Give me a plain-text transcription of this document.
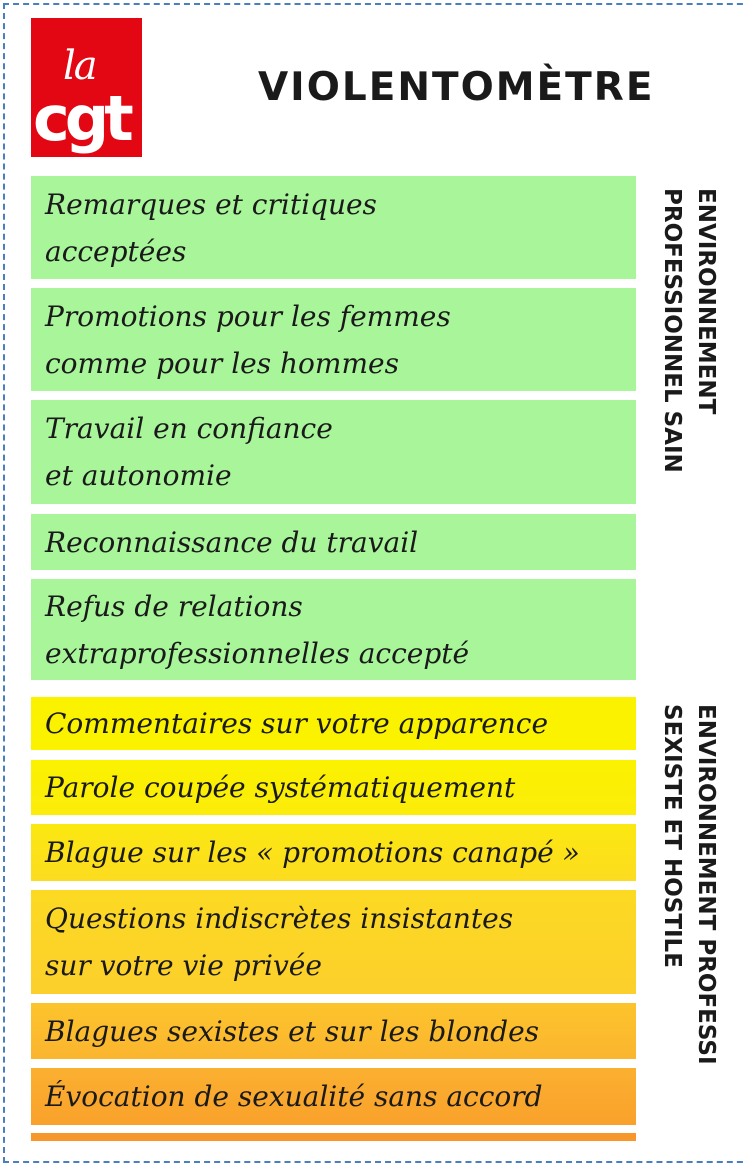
la
cgt	VIOLENTOMÈTRE
Remarques et critiques
acceptées
Promotions pour les femmes
comme pour les hommes
Travail en confiance
et autonomie
Reconnaissance du travail
Refus de relations
extraprofessionnelles accepté
Commentaires sur votre apparence
Parole coupée systématiquement
Blague sur les « promotions canapé »
Questions indiscrètes insistantes
sur votre vie privée
Blagues sexistes et sur les blondes
Évocation de sexualité sans accord
ENVIRONNEMENT
PROFESSIONNEL SAIN
ENVIRONNEMENT PROFESSI
SEXISTE ET HOSTILE
